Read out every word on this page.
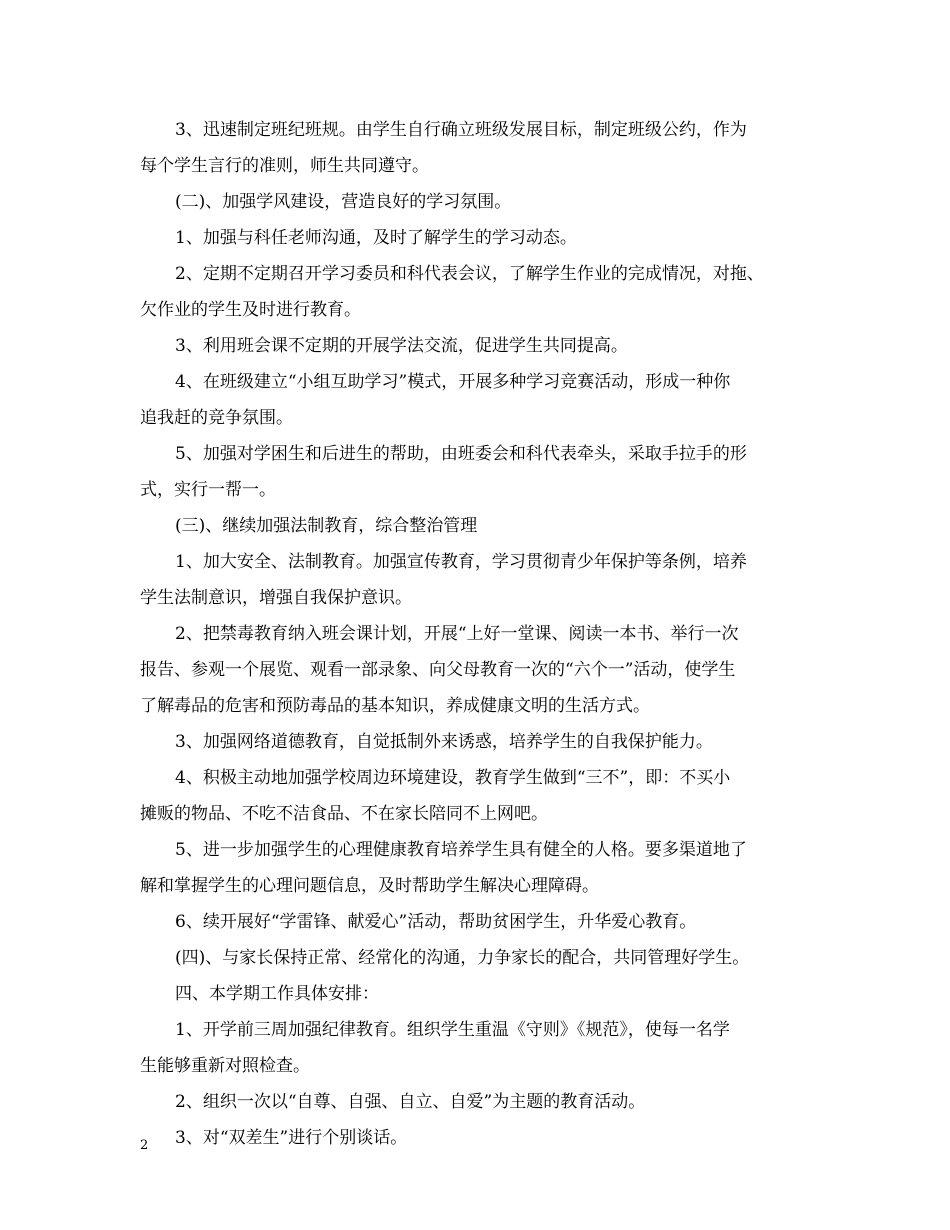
3、迅速制定班纪班规。由学生自行确立班级发展目标，制定班级公约，作为
每个学生言行的准则，师生共同遵守。
(二)、加强学风建设，营造良好的学习氛围。
1、加强与科任老师沟通，及时了解学生的学习动态。
2、定期不定期召开学习委员和科代表会议，了解学生作业的完成情况，对拖、
欠作业的学生及时进行教育。
3、利用班会课不定期的开展学法交流，促进学生共同提高。
4、在班级建立“小组互助学习”模式，开展多种学习竞赛活动，形成一种你
追我赶的竞争氛围。
5、加强对学困生和后进生的帮助，由班委会和科代表牵头，采取手拉手的形
式，实行一帮一。
(三)、继续加强法制教育，综合整治管理
1、加大安全、法制教育。加强宣传教育，学习贯彻青少年保护等条例，培养
学生法制意识，增强自我保护意识。
2、把禁毒教育纳入班会课计划，开展“上好一堂课、阅读一本书、举行一次
报告、参观一个展览、观看一部录象、向父母教育一次的“六个一”活动，使学生
了解毒品的危害和预防毒品的基本知识，养成健康文明的生活方式。
3、加强网络道德教育，自觉抵制外来诱惑，培养学生的自我保护能力。
4、积极主动地加强学校周边环境建设，教育学生做到“三不”，即：不买小
摊贩的物品、不吃不洁食品、不在家长陪同不上网吧。
5、进一步加强学生的心理健康教育培养学生具有健全的人格。要多渠道地了
解和掌握学生的心理问题信息，及时帮助学生解决心理障碍。
6、续开展好“学雷锋、献爱心”活动，帮助贫困学生，升华爱心教育。
(四)、与家长保持正常、经常化的沟通，力争家长的配合，共同管理好学生。
四、本学期工作具体安排：
1、开学前三周加强纪律教育。组织学生重温《守则》《规范》，使每一名学
生能够重新对照检查。
2、组织一次以“自尊、自强、自立、自爱”为主题的教育活动。
3、对“双差生”进行个别谈话。
2
